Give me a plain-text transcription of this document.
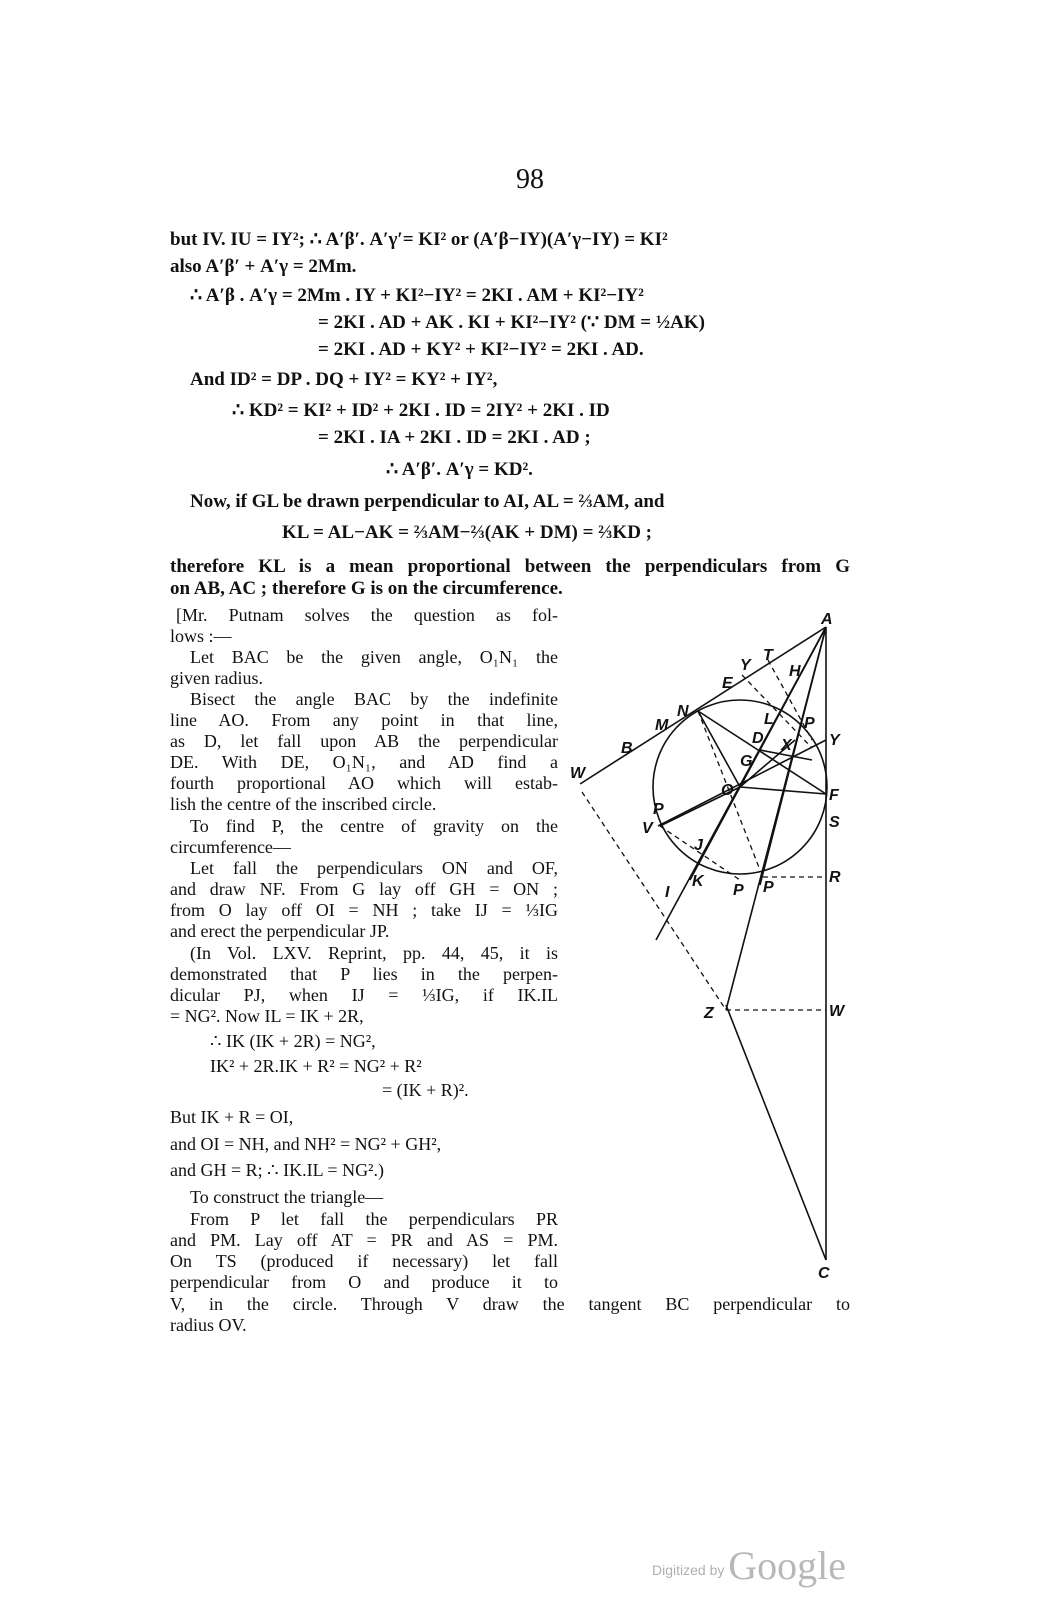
98
but IV. IU = IY²; ∴ A′β′. A′γ′= KI² or (A′β−IY)(A′γ−IY) = KI²
also A′β′ + A′γ = 2Mm.
∴ A′β . A′γ = 2Mm . IY + KI²−IY² = 2KI . AM + KI²−IY²
= 2KI . AD + AK . KI + KI²−IY² (∵ DM = ½AK)
= 2KI . AD + KY² + KI²−IY² = 2KI . AD.
And ID² = DP . DQ + IY² = KY² + IY²,
∴ KD² = KI² + ID² + 2KI . ID = 2IY² + 2KI . ID
= 2KI . IA + 2KI . ID = 2KI . AD ;
∴ A′β′. A′γ = KD².
Now, if GL be drawn perpendicular to AI, AL = ⅔AM, and
KL = AL−AK = ⅔AM−⅔(AK + DM) = ⅔KD ;
therefore KL is a mean proportional between the perpendiculars from G
on AB, AC ; therefore G is on the circumference.
[Mr. Putnam solves the question as fol-
lows :—
Let BAC be the given angle, O₁N₁ the
given radius.
Bisect the angle BAC by the indefinite
line AO. From any point in that line,
as D, let fall upon AB the perpendicular
DE. With DE, O₁N₁, and AD find a
fourth proportional AO which will estab-
lish the centre of the inscribed circle.
To find P, the centre of gravity on the
circumference—
Let fall the perpendiculars ON and OF,
and draw NF. From G lay off GH = ON ;
from O lay off OI = NH ; take IJ = ⅓IG
and erect the perpendicular JP.
(In Vol. LXV. Reprint, pp. 44, 45, it is
demonstrated that P lies in the perpen-
dicular PJ, when IJ = ⅓IG, if IK.IL
= NG². Now IL = IK + 2R,
∴ IK (IK + 2R) = NG²,
IK² + 2R.IK + R² = NG² + R²
= (IK + R)².
But IK + R = OI,
and OI = NH, and NH² = NG² + GH²,
and GH = R; ∴ IK.IL = NG².)
To construct the triangle—
From P let fall the perpendiculars PR
and PM. Lay off AT = PR and AS = PM.
On TS (produced if necessary) let fall
perpendicular from O and produce it to
V, in the circle. Through V draw the tangent BC perpendicular to
radius OV.
A
T
Y H
E
N
M	L P
D X Y
B
G
W
O	F
P
S
V
J
I
K
P P
R
Z	W
C
Digitized by Google
